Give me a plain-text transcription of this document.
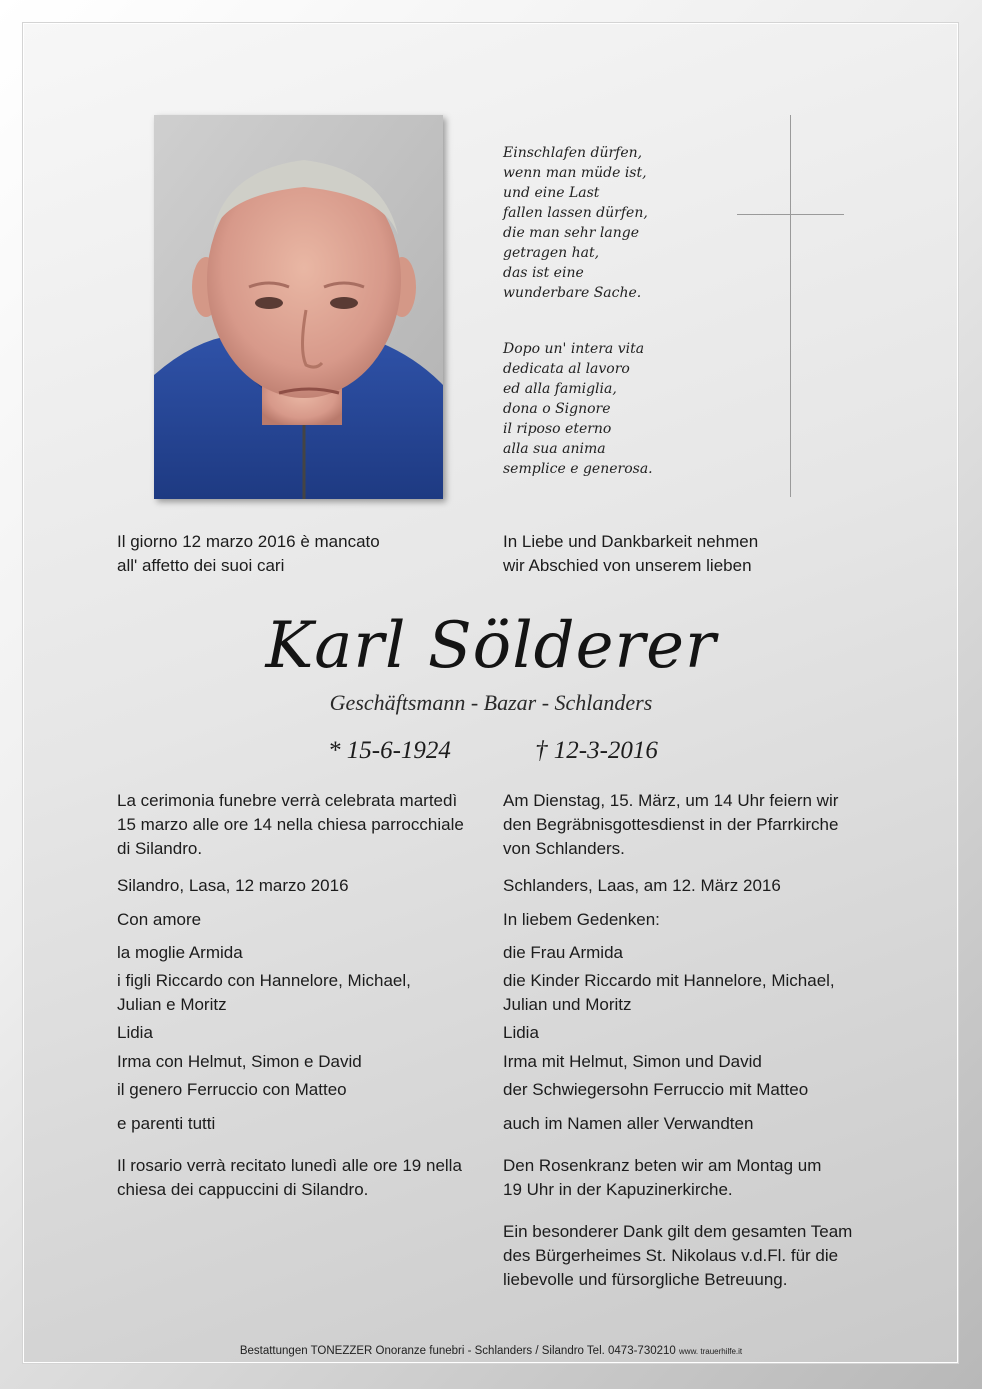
Einschlafen dürfen,
wenn man müde ist,
und eine Last
fallen lassen dürfen,
die man sehr lange
getragen hat,
das ist eine
wunderbare Sache.
Dopo un' intera vita
dedicata al lavoro
ed alla famiglia,
dona o Signore
il riposo eterno
alla sua anima
semplice e generosa.
Il giorno 12 marzo 2016 è mancato
all' affetto dei suoi cari
In Liebe und Dankbarkeit nehmen
wir Abschied von unserem lieben
Karl Sölderer
Geschäftsmann - Bazar - Schlanders
* 15-6-1924	† 12-3-2016
La cerimonia funebre verrà celebrata martedì
15 marzo alle ore 14 nella chiesa parrocchiale
di Silandro.
Silandro, Lasa, 12 marzo 2016
Con amore
la moglie Armida
i figli Riccardo con Hannelore, Michael,
Julian e Moritz
Lidia
Irma con Helmut, Simon e David
il genero Ferruccio con Matteo
e parenti tutti
Il rosario verrà recitato lunedì alle ore 19 nella
chiesa dei cappuccini di Silandro.
Am Dienstag, 15. März, um 14 Uhr feiern wir
den Begräbnisgottesdienst in der Pfarrkirche
von Schlanders.
Schlanders, Laas, am 12. März 2016
In liebem Gedenken:
die Frau Armida
die Kinder Riccardo mit Hannelore, Michael,
Julian und Moritz
Lidia
Irma mit Helmut, Simon und David
der Schwiegersohn Ferruccio mit Matteo
auch im Namen aller Verwandten
Den Rosenkranz beten wir am Montag um
19 Uhr in der Kapuzinerkirche.
Ein besonderer Dank gilt dem gesamten Team
des Bürgerheimes St. Nikolaus v.d.Fl. für die
liebevolle und fürsorgliche Betreuung.
Bestattungen TONEZZER Onoranze funebri - Schlanders / Silandro Tel. 0473-730210 www. trauerhilfe.it
